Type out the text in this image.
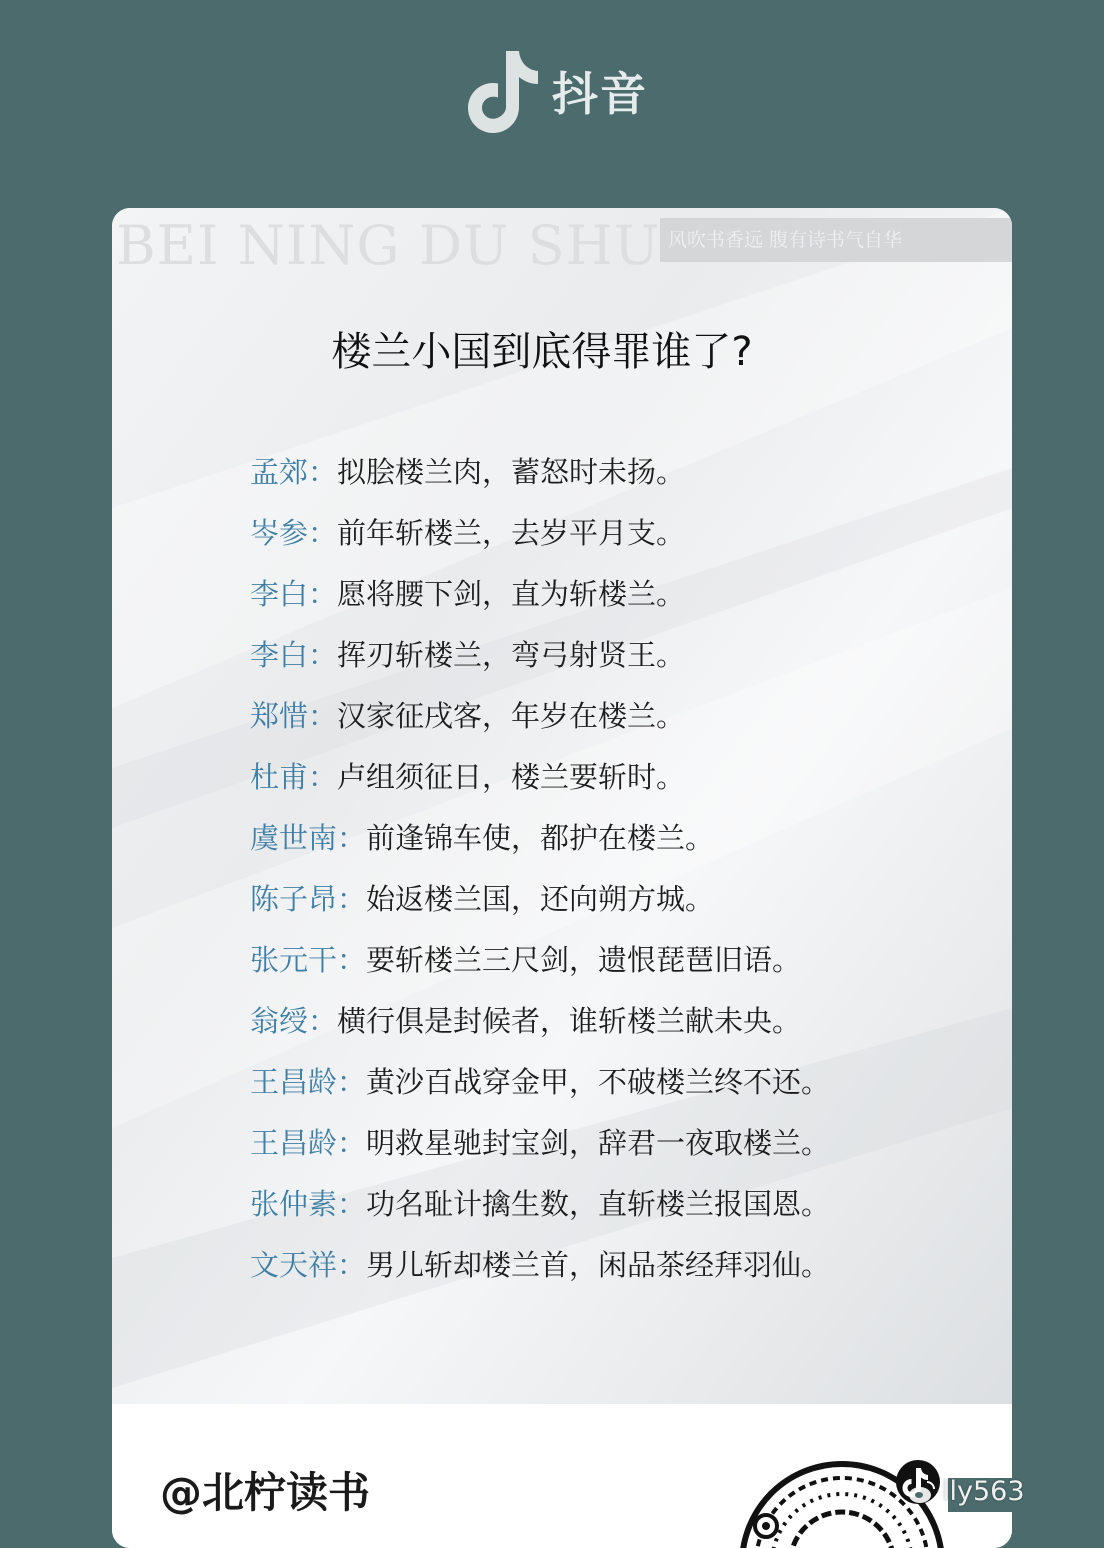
抖音
BEI NING DU SHU 风吹书香远 腹有诗书气自华
楼兰小国到底得罪谁了?
孟郊：拟脍楼兰肉，蓄怒时未扬。
岑参：前年斩楼兰，去岁平月支。
李白：愿将腰下剑，直为斩楼兰。
李白：挥刃斩楼兰，弯弓射贤王。
郑惜：汉家征戌客，年岁在楼兰。
杜甫：卢组须征日，楼兰要斩时。
虞世南：前逢锦车使，都护在楼兰。
陈子昂：始返楼兰国，还向朔方城。
张元干：要斩楼兰三尺剑，遗恨琵琶旧语。
翁绶：横行俱是封候者，谁斩楼兰献未央。
王昌龄：黄沙百战穿金甲，不破楼兰终不还。
王昌龄：明救星驰封宝剑，辞君一夜取楼兰。
张仲素：功名耻计擒生数，直斩楼兰报国恩。
文天祥：男儿斩却楼兰首，闲品茶经拜羽仙。
@北柠读书	lly563
